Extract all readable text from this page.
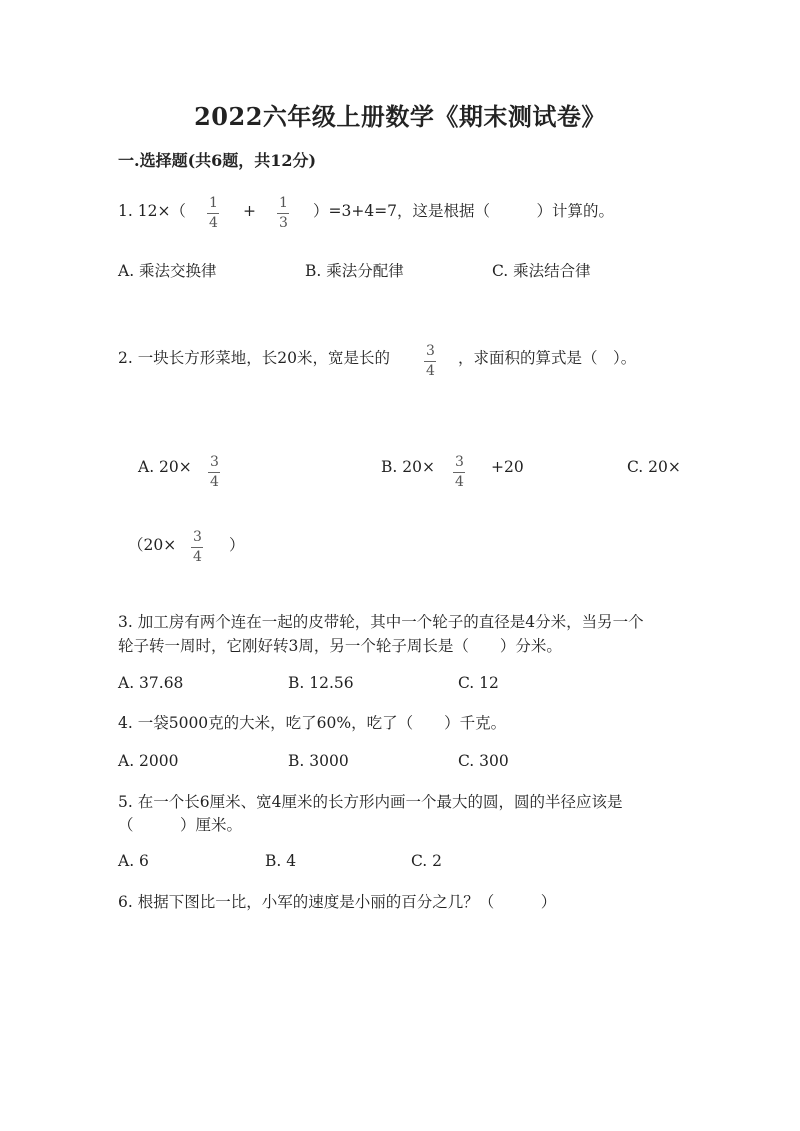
2022六年级上册数学《期末测试卷》
一.选择题(共6题，共12分)
1. 12×（ 1
4
+ 1
3
）=3+4=7，这是根据（　　　）计算的。
A. 乘法交换律	B. 乘法分配律	C. 乘法结合律
2. 一块长方形菜地，长20米，宽是长的	3
4
，求面积的算式是（　）。
A. 20× 3
4
B. 20× 3
4
+20	C. 20×
（20× 3
4
）
3. 加工房有两个连在一起的皮带轮，其中一个轮子的直径是4分米，当另一个
轮子转一周时，它刚好转3周，另一个轮子周长是（　　）分米。
A. 37.68	B. 12.56	C. 12
4. 一袋5000克的大米，吃了60%，吃了（　　）千克。
A. 2000	B. 3000	C. 300
5. 在一个长6厘米、宽4厘米的长方形内画一个最大的圆，圆的半径应该是
（　　　）厘米。
A. 6	B. 4	C. 2
6. 根据下图比一比，小军的速度是小丽的百分之几？（　　　）
